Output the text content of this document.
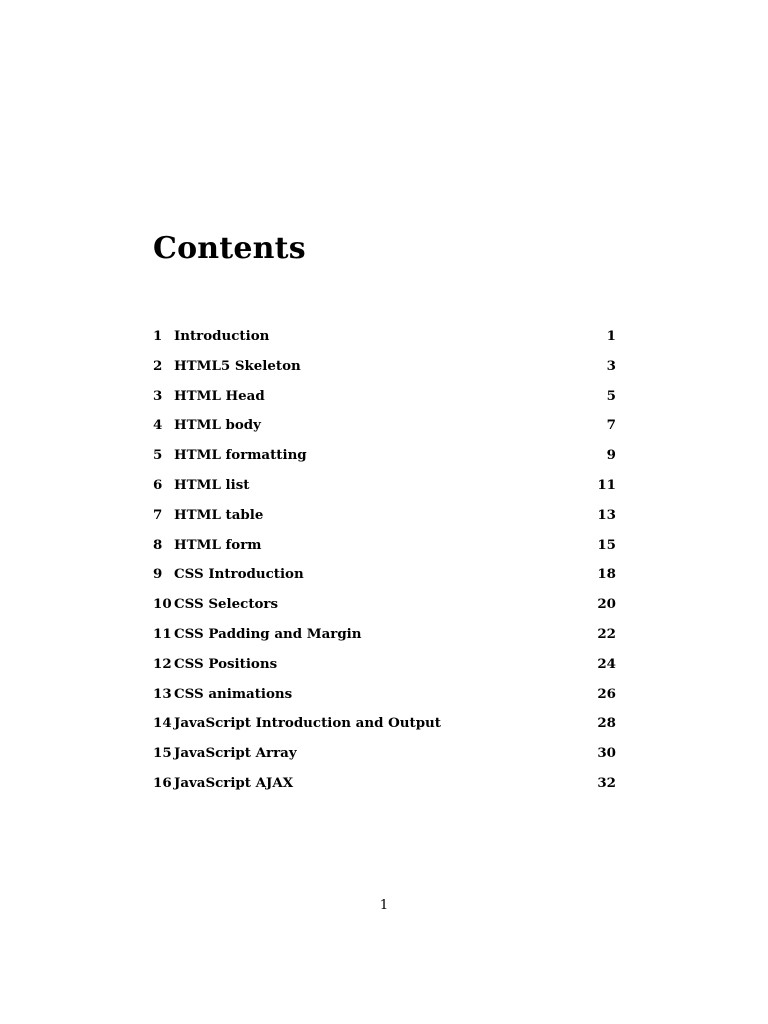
Contents
1 Introduction	1
2 HTML5 Skeleton	3
3 HTML Head	5
4 HTML body	7
5 HTML formatting	9
6 HTML list	11
7 HTML table	13
8 HTML form	15
9 CSS Introduction	18
10 CSS Selectors	20
11 CSS Padding and Margin	22
12 CSS Positions	24
13 CSS animations	26
14 JavaScript Introduction and Output	28
15 JavaScript Array	30
16 JavaScript AJAX	32
1
